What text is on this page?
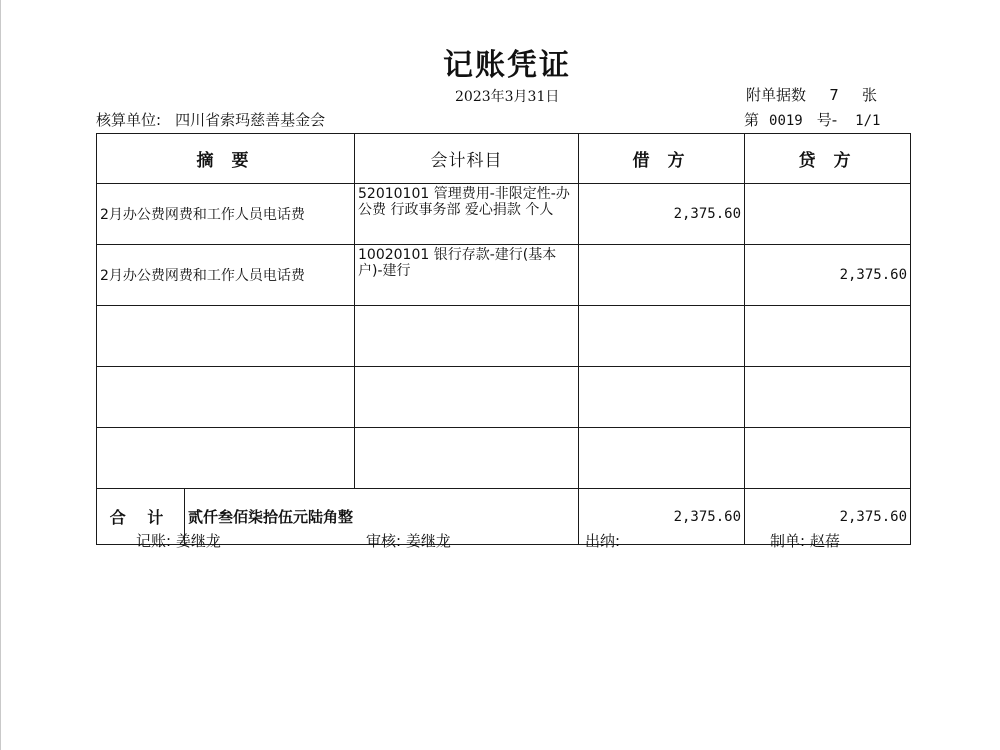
记账凭证
2023年3月31日	附单据数 7 张
核算单位: 四川省索玛慈善基金会	第 0019 号- 1/1
摘 要		会计科目	借 方	贷 方
2月办公费网费和工作人员电话费		52010101 管理费用-非限定性-办公费 行政事务部 爱心捐款 个人	2,375.60	
2月办公费网费和工作人员电话费		10020101 银行存款-建行(基本户)-建行		2,375.60

合 计	贰仟叁佰柒拾伍元陆角整		2,375.60	2,375.60
记账: 姜继龙	审核: 姜继龙	出纳:	制单: 赵蓓
